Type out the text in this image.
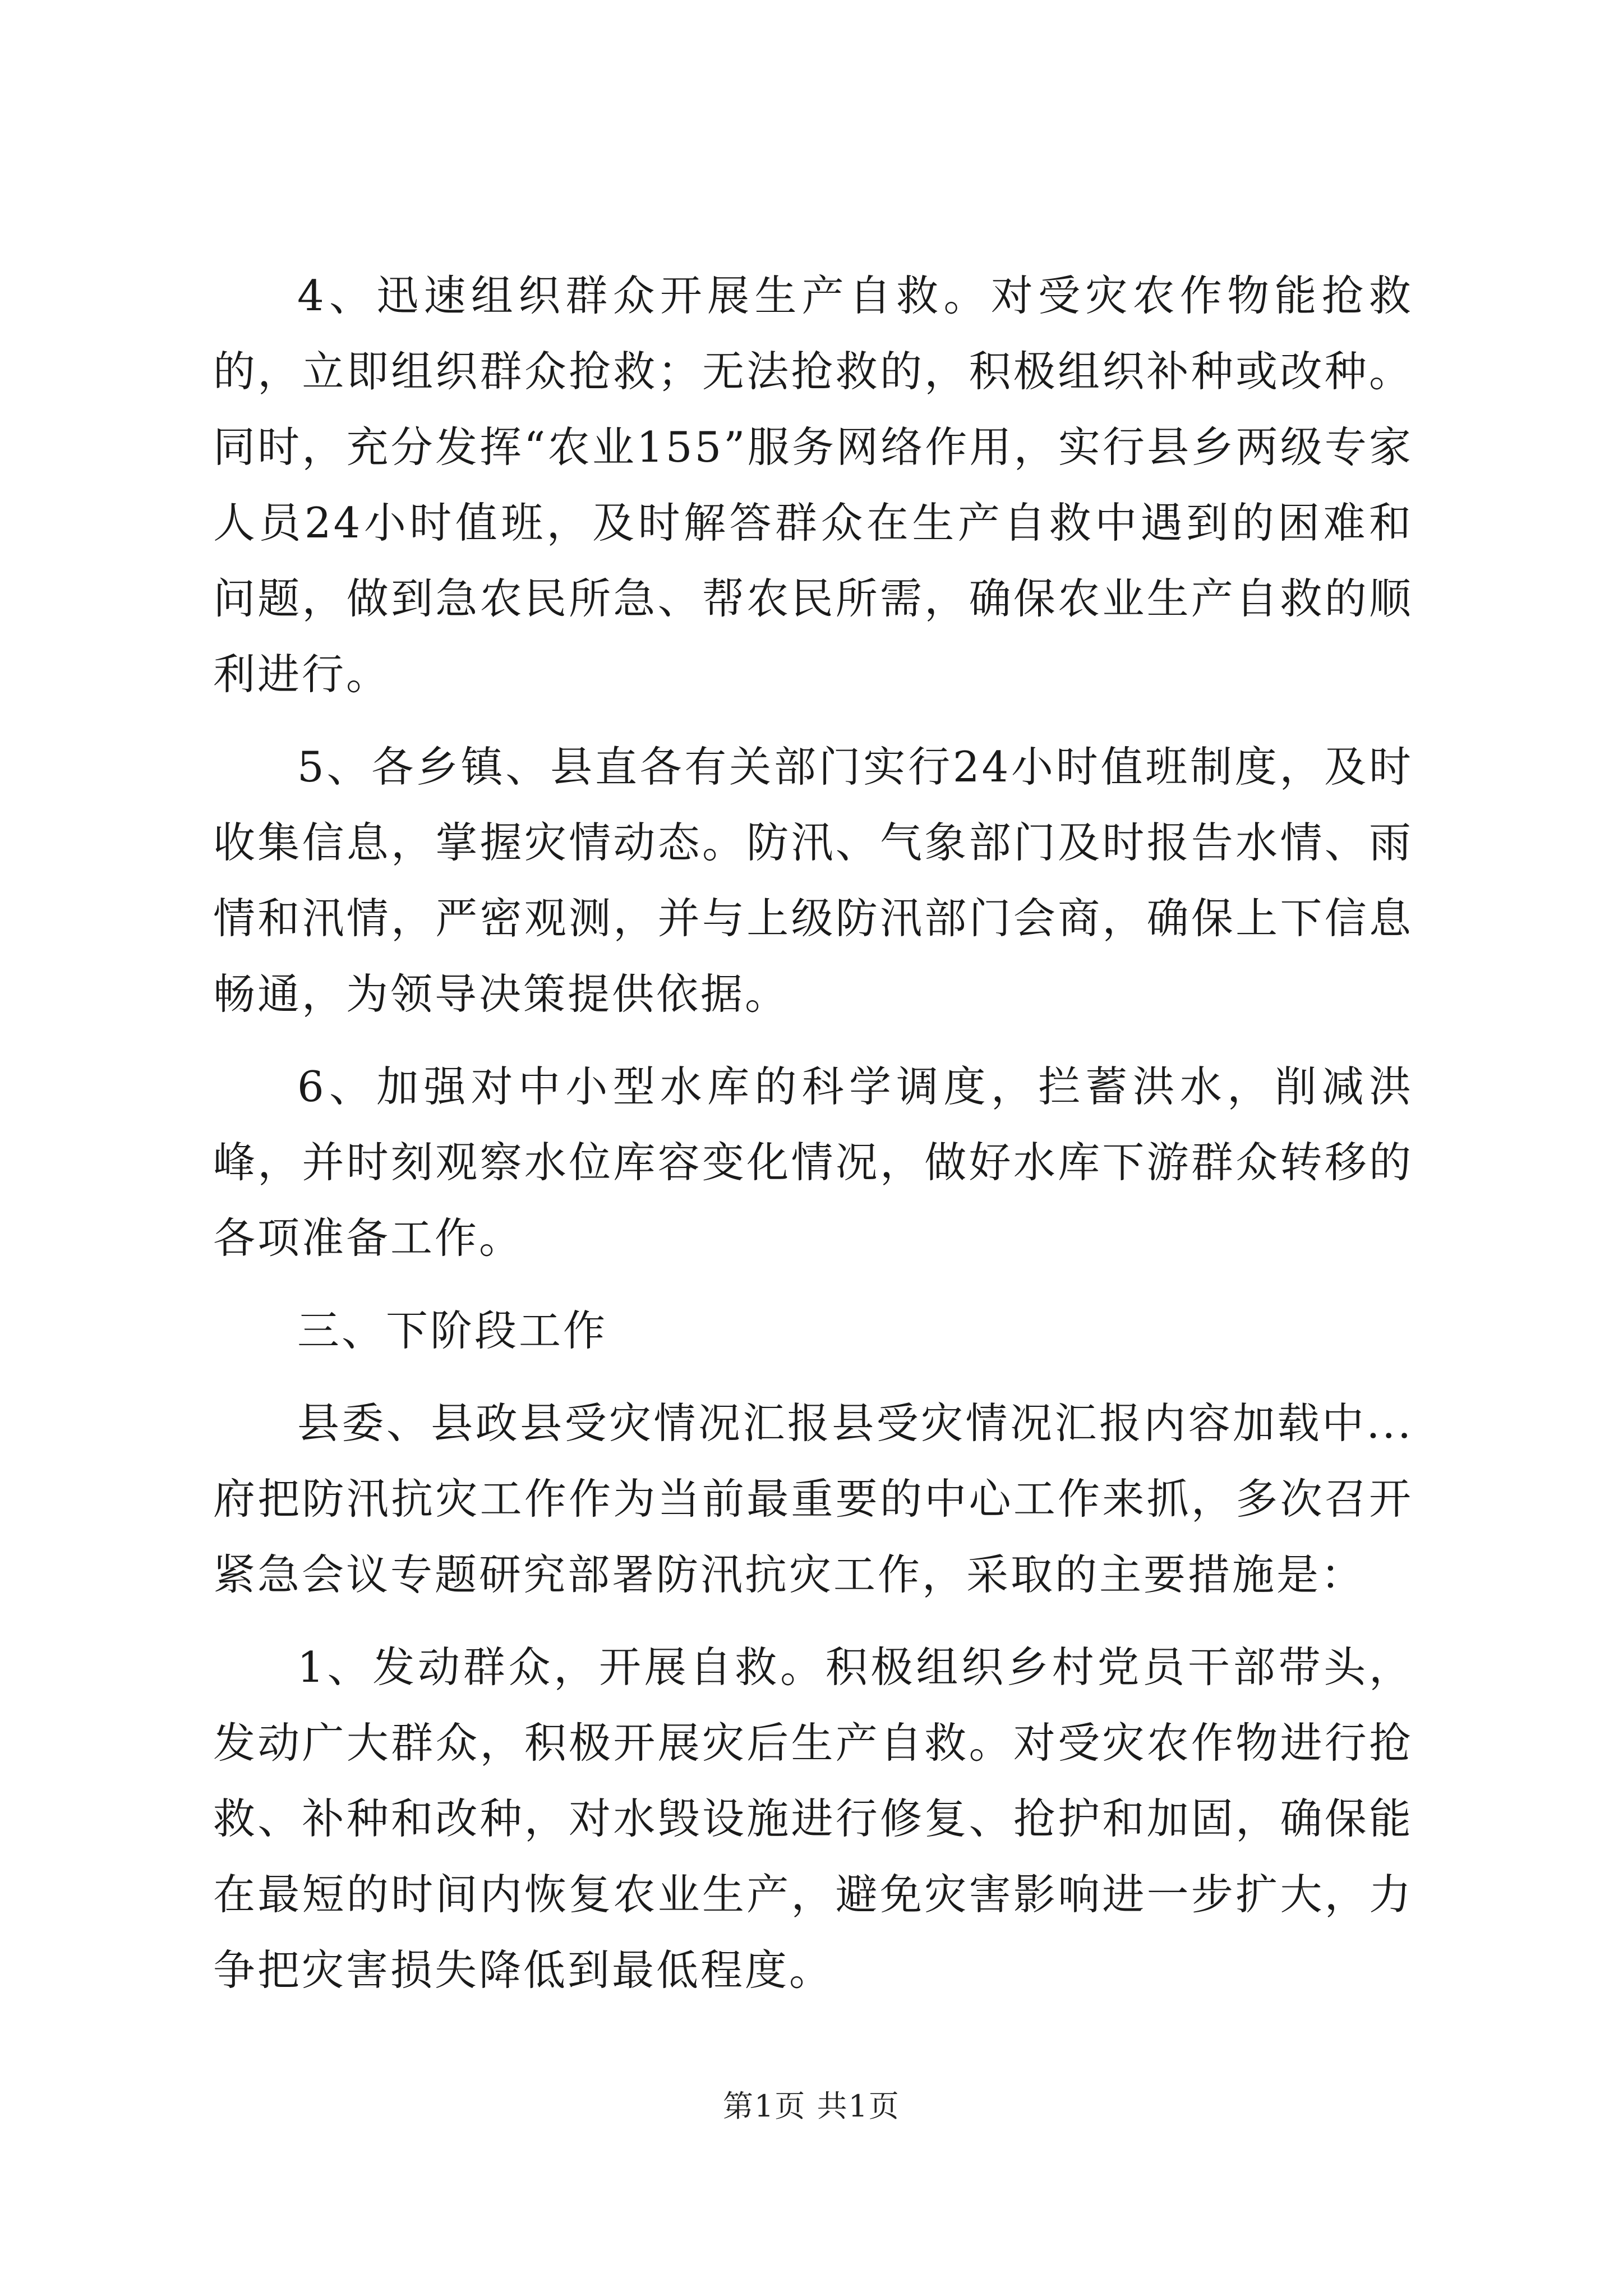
4、迅速组织群众开展生产自救。对受灾农作物能抢救的，立即组织群众抢救；无法抢救的，积极组织补种或改种。同时，充分发挥“农业155”服务网络作用，实行县乡两级专家人员24小时值班，及时解答群众在生产自救中遇到的困难和问题，做到急农民所急、帮农民所需，确保农业生产自救的顺利进行。

5、各乡镇、县直各有关部门实行24小时值班制度，及时收集信息，掌握灾情动态。防汛、气象部门及时报告水情、雨情和汛情，严密观测，并与上级防汛部门会商，确保上下信息畅通，为领导决策提供依据。

6、加强对中小型水库的科学调度，拦蓄洪水，削减洪峰，并时刻观察水位库容变化情况，做好水库下游群众转移的各项准备工作。

三、下阶段工作

县委、县政县受灾情况汇报县受灾情况汇报内容加载中...府把防汛抗灾工作作为当前最重要的中心工作来抓，多次召开紧急会议专题研究部署防汛抗灾工作，采取的主要措施是：

1、发动群众，开展自救。积极组织乡村党员干部带头，发动广大群众，积极开展灾后生产自救。对受灾农作物进行抢救、补种和改种，对水毁设施进行修复、抢护和加固，确保能在最短的时间内恢复农业生产，避免灾害影响进一步扩大，力争把灾害损失降低到最低程度。

第1页 共1页
